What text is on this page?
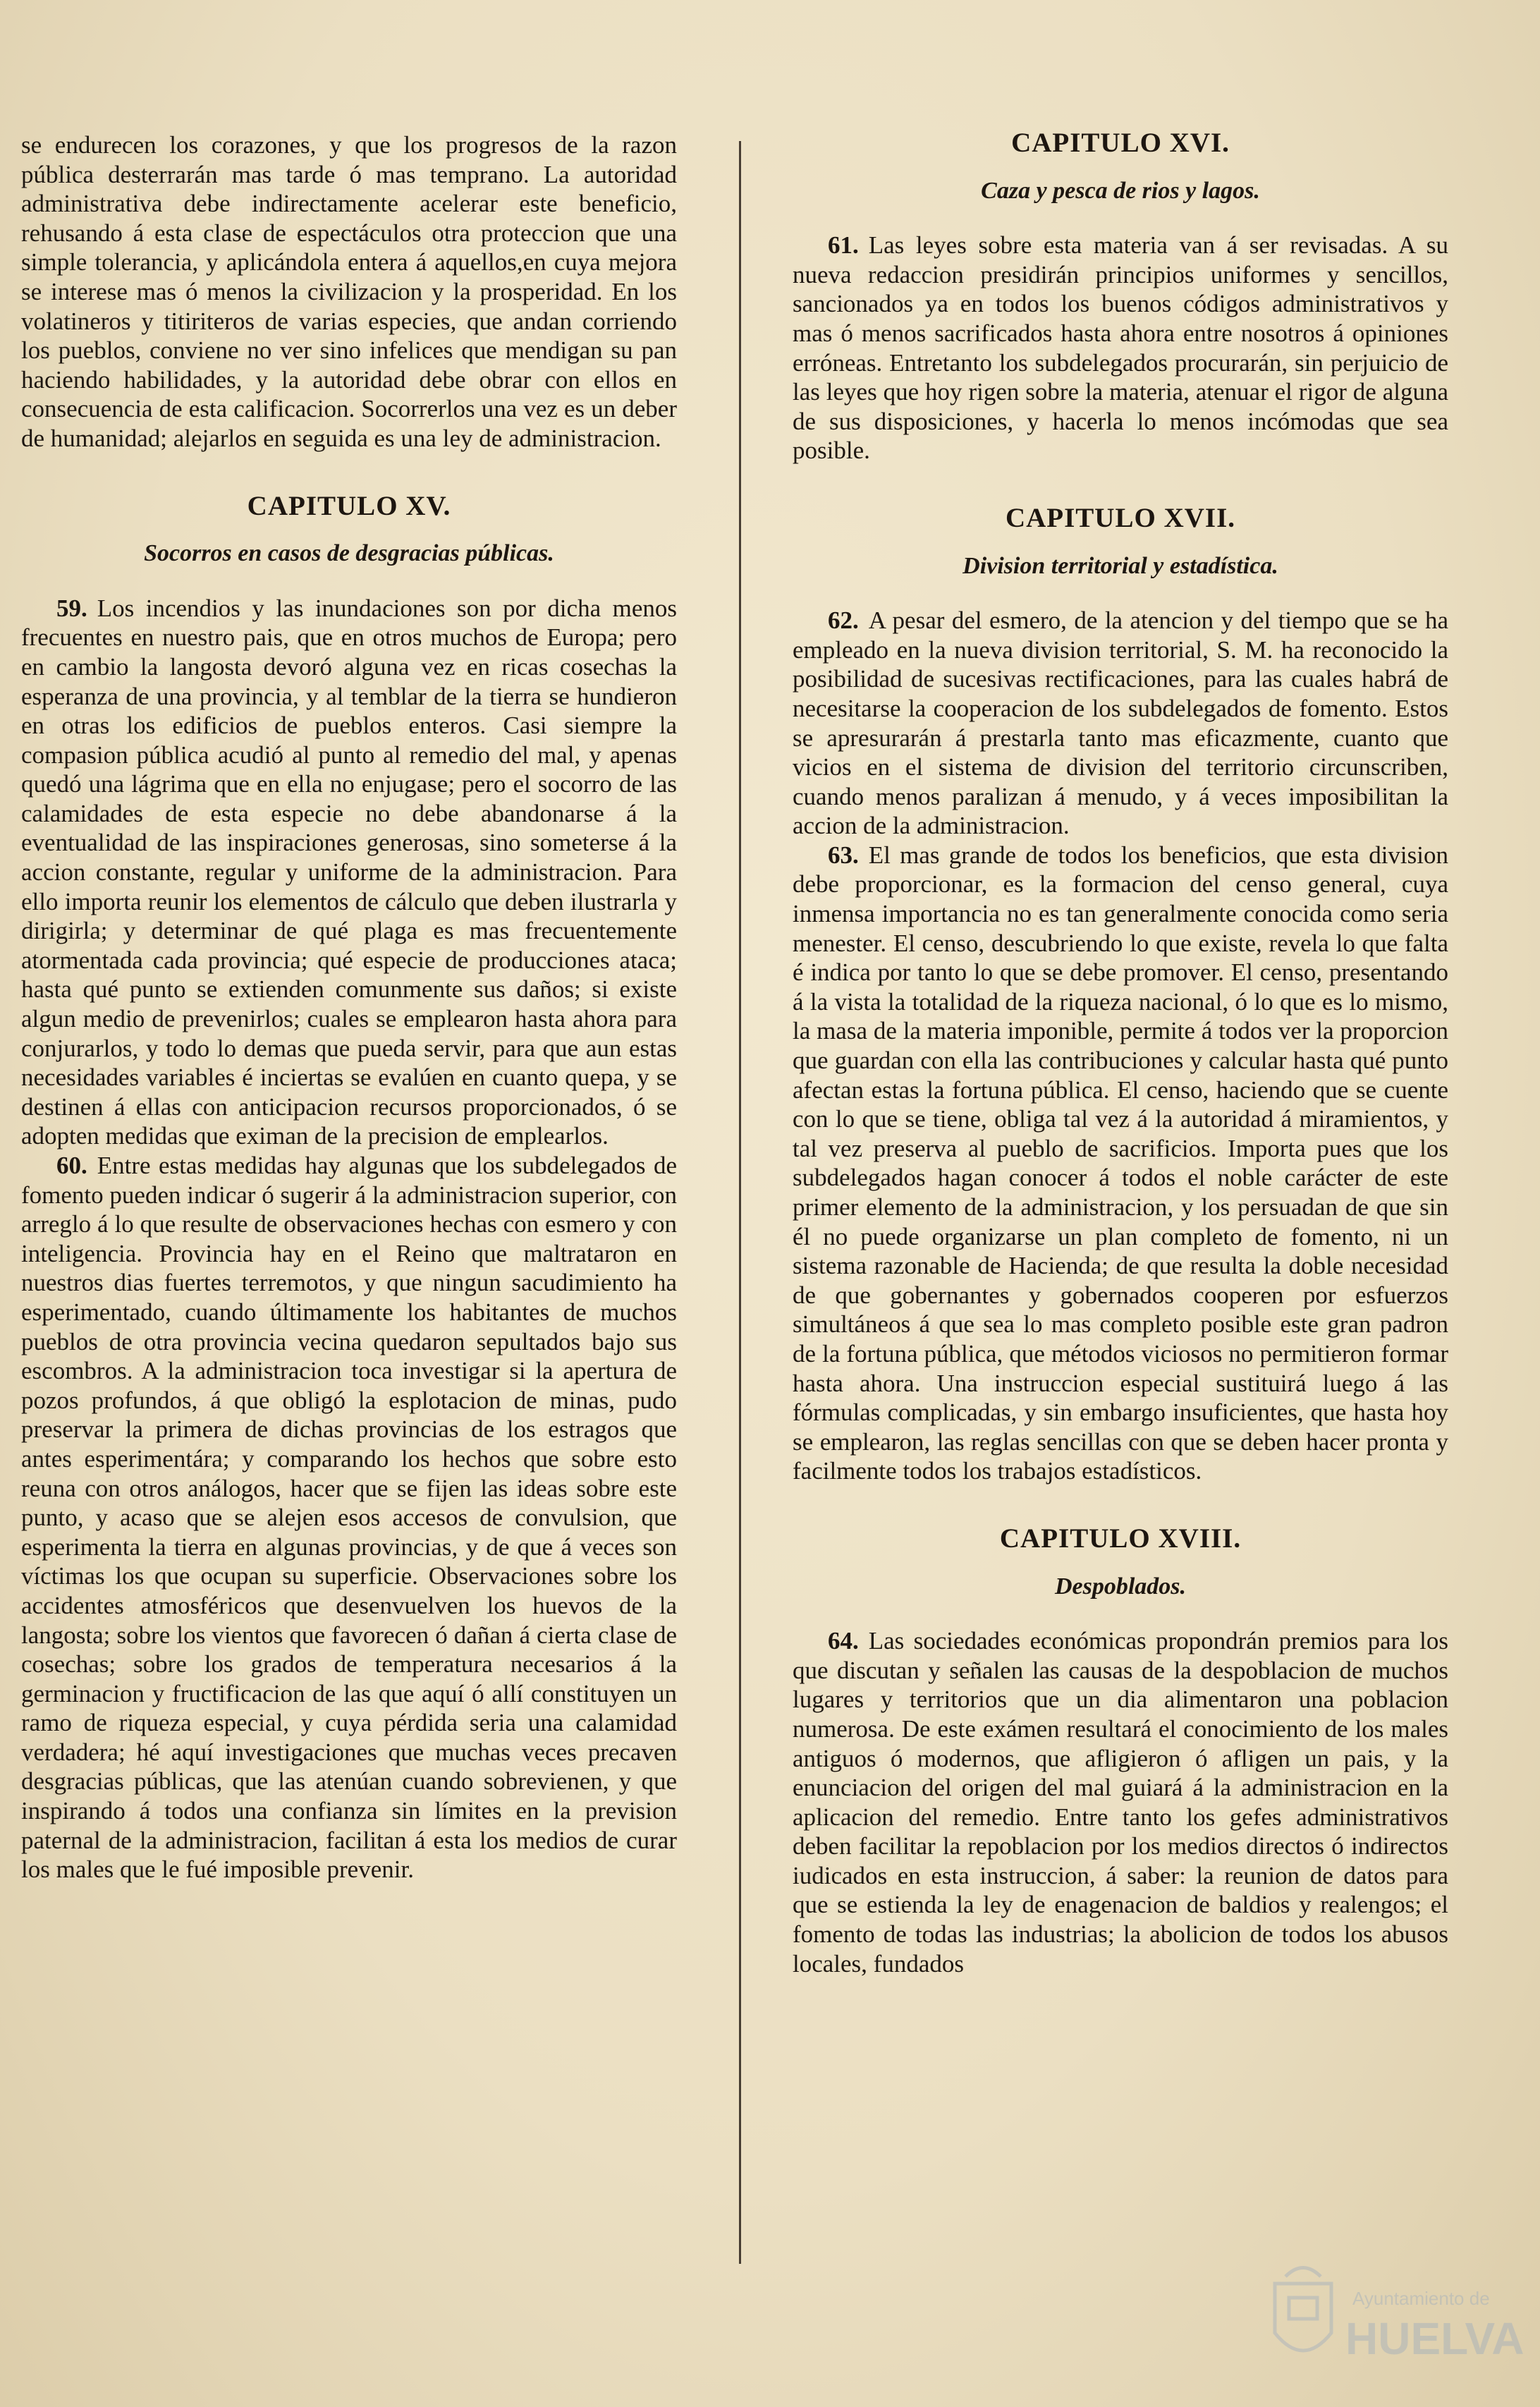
se endurecen los corazones, y que los progresos de la razon pública desterrarán mas tarde ó mas temprano. La autoridad administrativa debe indirectamente acelerar este beneficio, rehusando á esta clase de espectáculos otra proteccion que una simple tolerancia, y aplicándola entera á aquellos,en cuya mejora se interese mas ó menos la civilizacion y la prosperidad. En los volatineros y titiriteros de varias especies, que andan corriendo los pueblos, conviene no ver sino infelices que mendigan su pan haciendo habilidades, y la autoridad debe obrar con ellos en consecuencia de esta calificacion. Socorrerlos una vez es un deber de humanidad; alejarlos en seguida es una ley de administracion.

CAPITULO XV.
Socorros en casos de desgracias públicas.

59. Los incendios y las inundaciones son por dicha menos frecuentes en nuestro pais, que en otros muchos de Europa; pero en cambio la langosta devoró alguna vez en ricas cosechas la esperanza de una provincia, y al temblar de la tierra se hundieron en otras los edificios de pueblos enteros. Casi siempre la compasion pública acudió al punto al remedio del mal, y apenas quedó una lágrima que en ella no enjugase; pero el socorro de las calamidades de esta especie no debe abandonarse á la eventualidad de las inspiraciones generosas, sino someterse á la accion constante, regular y uniforme de la administracion. Para ello importa reunir los elementos de cálculo que deben ilustrarla y dirigirla; y determinar de qué plaga es mas frecuentemente atormentada cada provincia; qué especie de producciones ataca; hasta qué punto se extienden comunmente sus daños; si existe algun medio de prevenirlos; cuales se emplearon hasta ahora para conjurarlos, y todo lo demas que pueda servir, para que aun estas necesidades variables é inciertas se evalúen en cuanto quepa, y se destinen á ellas con anticipacion recursos proporcionados, ó se adopten medidas que eximan de la precision de emplearlos.

60. Entre estas medidas hay algunas que los subdelegados de fomento pueden indicar ó sugerir á la administracion superior, con arreglo á lo que resulte de observaciones hechas con esmero y con inteligencia. Provincia hay en el Reino que maltrataron en nuestros dias fuertes terremotos, y que ningun sacudimiento ha esperimentado, cuando últimamente los habitantes de muchos pueblos de otra provincia vecina quedaron sepultados bajo sus escombros. A la administracion toca investigar si la apertura de pozos profundos, á que obligó la esplotacion de minas, pudo preservar la primera de dichas provincias de los estragos que antes esperimentára; y comparando los hechos que sobre esto reuna con otros análogos, hacer que se fijen las ideas sobre este punto, y acaso que se alejen esos accesos de convulsion, que esperimenta la tierra en algunas provincias, y de que á veces son víctimas los que ocupan su superficie. Observaciones sobre los accidentes atmosféricos que desenvuelven los huevos de la langosta; sobre los vientos que favorecen ó dañan á cierta clase de cosechas; sobre los grados de temperatura necesarios á la germinacion y fructificacion de las que aquí ó allí constituyen un ramo de riqueza especial, y cuya pérdida seria una calamidad verdadera; hé aquí investigaciones que muchas veces precaven desgracias públicas, que las atenúan cuando sobrevienen, y que inspirando á todos una confianza sin límites en la prevision paternal de la administracion, facilitan á esta los medios de curar los males que le fué imposible prevenir.

CAPITULO XVI.
Caza y pesca de rios y lagos.

61. Las leyes sobre esta materia van á ser revisadas. A su nueva redaccion presidirán principios uniformes y sencillos, sancionados ya en todos los buenos códigos administrativos y mas ó menos sacrificados hasta ahora entre nosotros á opiniones erróneas. Entretanto los subdelegados procurarán, sin perjuicio de las leyes que hoy rigen sobre la materia, atenuar el rigor de alguna de sus disposiciones, y hacerla lo menos incómodas que sea posible.

CAPITULO XVII.
Division territorial y estadística.

62. A pesar del esmero, de la atencion y del tiempo que se ha empleado en la nueva division territorial, S. M. ha reconocido la posibilidad de sucesivas rectificaciones, para las cuales habrá de necesitarse la cooperacion de los subdelegados de fomento. Estos se apresurarán á prestarla tanto mas eficazmente, cuanto que vicios en el sistema de division del territorio circunscriben, cuando menos paralizan á menudo, y á veces imposibilitan la accion de la administracion.

63. El mas grande de todos los beneficios, que esta division debe proporcionar, es la formacion del censo general, cuya inmensa importancia no es tan generalmente conocida como seria menester. El censo, descubriendo lo que existe, revela lo que falta é indica por tanto lo que se debe promover. El censo, presentando á la vista la totalidad de la riqueza nacional, ó lo que es lo mismo, la masa de la materia imponible, permite á todos ver la proporcion que guardan con ella las contribuciones y calcular hasta qué punto afectan estas la fortuna pública. El censo, haciendo que se cuente con lo que se tiene, obliga tal vez á la autoridad á miramientos, y tal vez preserva al pueblo de sacrificios. Importa pues que los subdelegados hagan conocer á todos el noble carácter de este primer elemento de la administracion, y los persuadan de que sin él no puede organizarse un plan completo de fomento, ni un sistema razonable de Hacienda; de que resulta la doble necesidad de que gobernantes y gobernados cooperen por esfuerzos simultáneos á que sea lo mas completo posible este gran padron de la fortuna pública, que métodos viciosos no permitieron formar hasta ahora. Una instruccion especial sustituirá luego á las fórmulas complicadas, y sin embargo insuficientes, que hasta hoy se emplearon, las reglas sencillas con que se deben hacer pronta y facilmente todos los trabajos estadísticos.

CAPITULO XVIII.
Despoblados.

64. Las sociedades económicas propondrán premios para los que discutan y señalen las causas de la despoblacion de muchos lugares y territorios que un dia alimentaron una poblacion numerosa. De este exámen resultará el conocimiento de los males antiguos ó modernos, que afligieron ó afligen un pais, y la enunciacion del origen del mal guiará á la administracion en la aplicacion del remedio. Entre tanto los gefes administrativos deben facilitar la repoblacion por los medios directos ó indirectos iudicados en esta instruccion, á saber: la reunion de datos para que se estienda la ley de enagenacion de baldios y realengos; el fomento de todas las industrias; la abolicion de todos los abusos locales, fundados

Ayuntamiento de
HUELVA
